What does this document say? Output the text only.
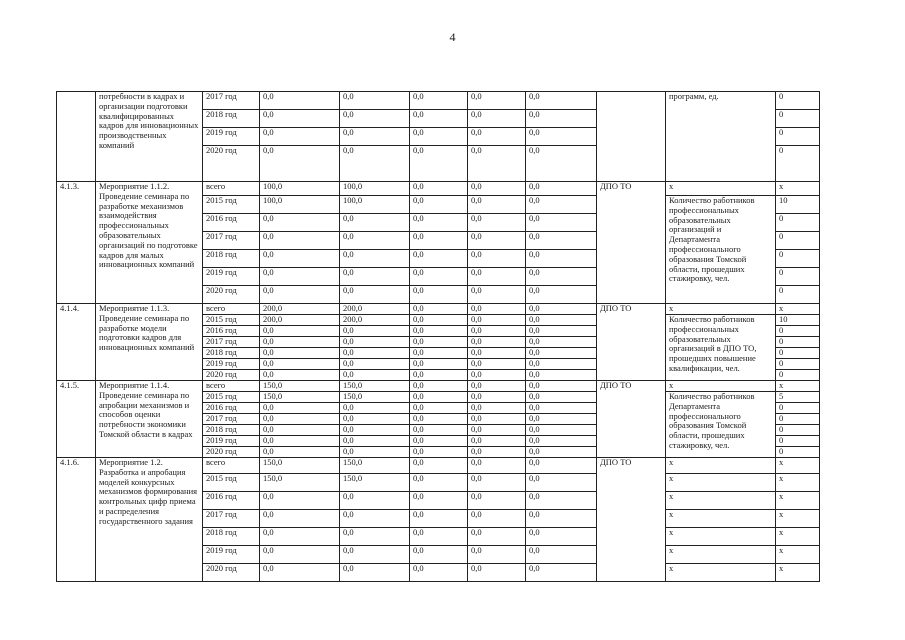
4
	потребности в кадрах и организации подготовки квалифицированных кадров для инновационных производственных компаний	2017 год	0,0	0,0	0,0	0,0	0,0		программ, ед.	0
		2018 год	0,0	0,0	0,0	0,0	0,0			0
		2019 год	0,0	0,0	0,0	0,0	0,0			0
		2020 год	0,0	0,0	0,0	0,0	0,0			0
4.1.3.	Мероприятие 1.1.2. Проведение семинара по разработке механизмов взаимодействия профессиональных образовательных организаций по подготовке кадров для малых инновационных компаний	всего	100,0	100,0	0,0	0,0	0,0	ДПО ТО	x	x
		2015 год	100,0	100,0	0,0	0,0	0,0		Количество работников профессиональных образовательных организаций и Департамента профессионального образования Томской области, прошедших стажировку, чел.	10
		2016 год	0,0	0,0	0,0	0,0	0,0			0
		2017 год	0,0	0,0	0,0	0,0	0,0			0
		2018 год	0,0	0,0	0,0	0,0	0,0			0
		2019 год	0,0	0,0	0,0	0,0	0,0			0
		2020 год	0,0	0,0	0,0	0,0	0,0			0
4.1.4.	Мероприятие 1.1.3. Проведение семинара по разработке модели подготовки кадров для инновационных компаний	всего	200,0	200,0	0,0	0,0	0,0	ДПО ТО	x	x
		2015 год	200,0	200,0	0,0	0,0	0,0		Количество работников профессиональных образовательных организаций в ДПО ТО, прошедших повышение квалификации, чел.	10
		2016 год	0,0	0,0	0,0	0,0	0,0			0
		2017 год	0,0	0,0	0,0	0,0	0,0			0
		2018 год	0,0	0,0	0,0	0,0	0,0			0
		2019 год	0,0	0,0	0,0	0,0	0,0			0
		2020 год	0,0	0,0	0,0	0,0	0,0			0
4.1.5.	Мероприятие 1.1.4. Проведение семинара по апробации механизмов и способов оценки потребности экономики Томской области в кадрах	всего	150,0	150,0	0,0	0,0	0,0	ДПО ТО	x	x
		2015 год	150,0	150,0	0,0	0,0	0,0		Количество работников Департамента профессионального образования Томской области, прошедших стажировку, чел.	5
		2016 год	0,0	0,0	0,0	0,0	0,0			0
		2017 год	0,0	0,0	0,0	0,0	0,0			0
		2018 год	0,0	0,0	0,0	0,0	0,0			0
		2019 год	0,0	0,0	0,0	0,0	0,0			0
		2020 год	0,0	0,0	0,0	0,0	0,0			0
4.1.6.	Мероприятие 1.2. Разработка и апробация моделей конкурсных механизмов формирования контрольных цифр приема и распределения государственного задания	всего	150,0	150,0	0,0	0,0	0,0	ДПО ТО	x	x
		2015 год	150,0	150,0	0,0	0,0	0,0		x	x
		2016 год	0,0	0,0	0,0	0,0	0,0		x	x
		2017 год	0,0	0,0	0,0	0,0	0,0		x	x
		2018 год	0,0	0,0	0,0	0,0	0,0		x	x
		2019 год	0,0	0,0	0,0	0,0	0,0		x	x
		2020 год	0,0	0,0	0,0	0,0	0,0		x	x
